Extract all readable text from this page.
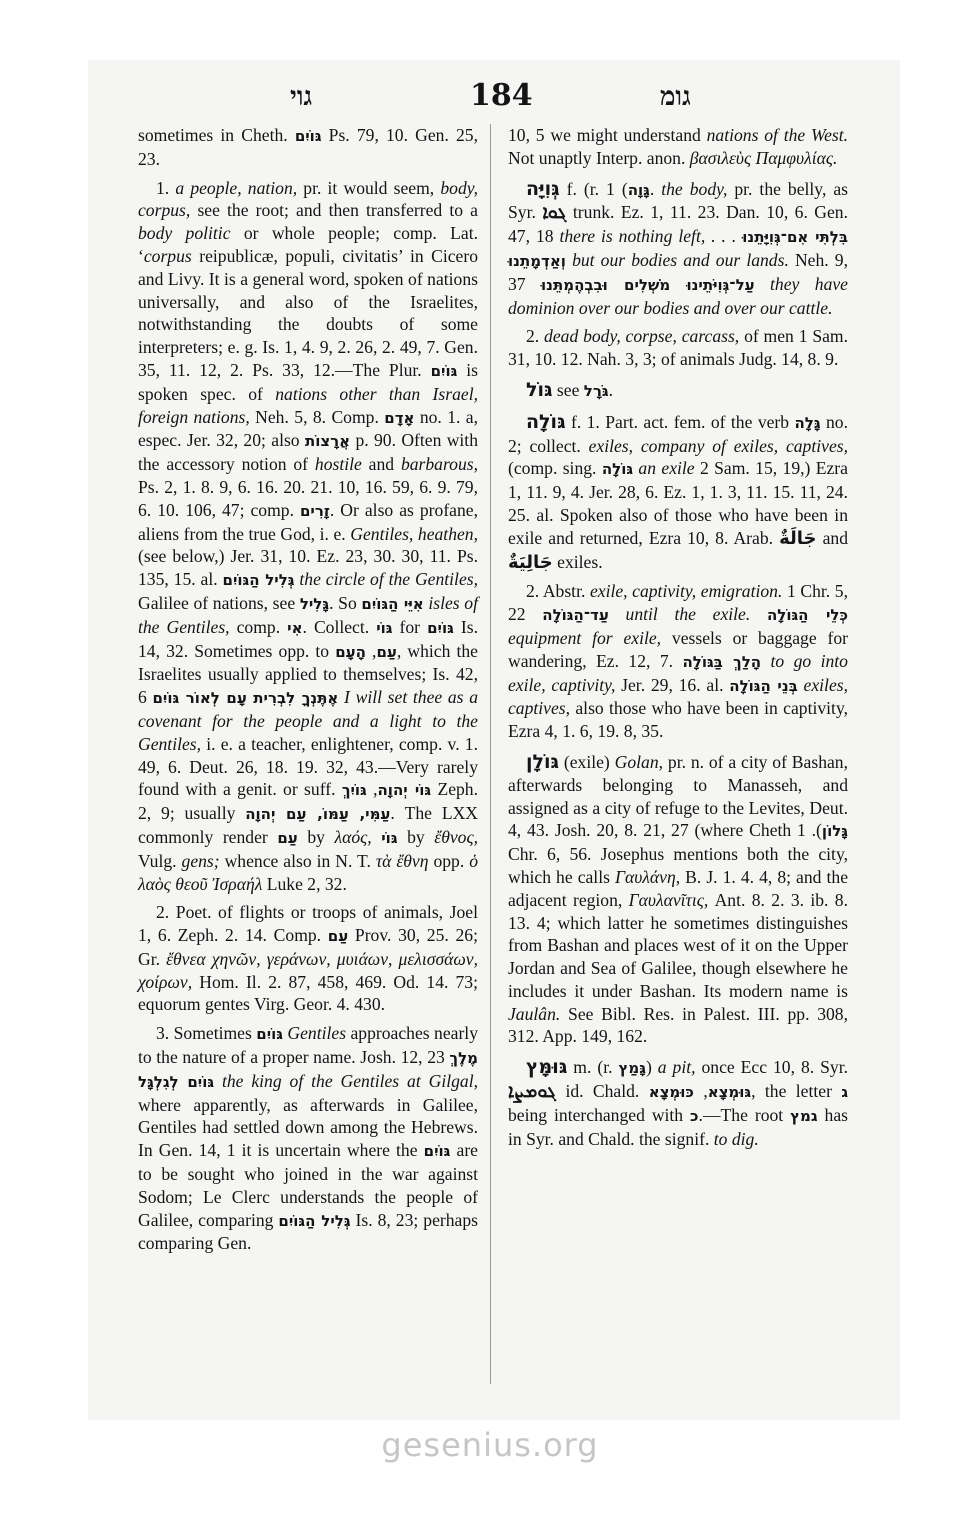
גוי	184	גומ

sometimes in Cheth. גּוֹיִם Ps. 79, 10. Gen. 25, 23.

1. a people, nation, pr. it would seem, body, corpus, see the root; and then transferred to a body politic or whole people; comp. Lat. ‘corpus reipublicæ, populi, civitatis’ in Cicero and Livy. It is a general word, spoken of nations universally, and also of the Israelites, notwithstanding the doubts of some interpreters; e. g. Is. 1, 4. 9, 2. 26, 2. 49, 7. Gen. 35, 11. 12, 2. Ps. 33, 12.—The Plur. גּוֹיִם is spoken spec. of nations other than Israel, foreign nations, Neh. 5, 8. Comp. אָדָם no. 1. a, espec. Jer. 32, 20; also אֲרָצוֹת p. 90. Often with the accessory notion of hostile and barbarous, Ps. 2, 1. 8. 9, 6. 16. 20. 21. 10, 16. 59, 6. 9. 79, 6. 10. 106, 47; comp. זָרִים. Or also as profane, aliens from the true God, i. e. Gentiles, heathen, (see below,) Jer. 31, 10. Ez. 23, 30. 30, 11. Ps. 135, 15. al. גְּלִיל הַגּוֹיִם the circle of the Gentiles, Galilee of nations, see גָּלִיל. So אִיֵּי הַגּוֹיִם isles of the Gentiles, comp. אִי. Collect. גּוֹי for גּוֹיִם Is. 14, 32. Sometimes opp. to	עַם, הָעָם , which the Israelites usually applied to themselves; Is. 42, 6 אֶתֶּנְךָ לִבְרִית עָם לְאוֹר גּוֹיִם I will set thee as a covenant for the people and a light to the Gentiles, i. e. a teacher, enlightener, comp. v. 1. 49, 6. Deut. 26, 18. 19. 32, 43.—Very rarely found with a genit. or suff. גּוֹי יְהוָה, גּוֹיִךְ	Zeph. 2, 9; usually עַמִּי, עַמּוֹ, עַם יְהוָה. The LXX commonly render עַם by λαός, גּוֹי by ἔθνος, Vulg. gens; whence also in N. T. τὰ ἔθνη opp. ὁ λαὸς θεοῦ Ἰσραήλ Luke 2, 32.

2. Poet. of flights or troops of animals, Joel 1, 6. Zeph. 2. 14. Comp. עַם Prov. 30, 25. 26; Gr. ἔθνεα χηνῶν, γεράνων, μυιάων, μελισσάων, χοίρων, Hom. Il. 2. 87, 458, 469. Od. 14. 73; equorum gentes Virg. Geor. 4. 430.

3. Sometimes גּוֹיִם Gentiles approaches nearly to the nature of a proper name. Josh. 12, 23 מֶלֶךְ גּוֹיִם לְגִלְגָּל the king of the Gentiles at Gilgal, where apparently, as afterwards in Galilee, Gentiles had settled down among the Hebrews. In Gen. 14, 1 it is uncertain where the גּוֹיִם are to be sought who joined in the war against Sodom; Le Clerc understands the people of Galilee, comparing גְּלִיל הַגּוֹיִם Is. 8, 23; perhaps comparing Gen.

10, 5 we might understand nations of the West. Not unaptly Interp. anon. βασιλεὺς Παμφυλίας.

גְּוִיָּה f. (r. גָּוָה) 1. the body, pr. the belly, as Syr. ܓܘܐ trunk. Ez. 1, 11. 23. Dan. 10, 6. Gen. 47, 18 there is nothing left, . . . בִּלְתִּי אִם־גְּוִיָּתֵנוּ וְאַדְמָתֵנוּ but our bodies and our lands. Neh. 9, 37 עַל־גְּוִיֹּתֵינוּ מֹשְׁלִים וּבִבְהֶמְתֵּנוּ they have dominion over our bodies and over our cattle.

2. dead body, corpse, carcass, of men 1 Sam. 31, 10. 12. Nah. 3, 3; of animals Judg. 14, 8. 9.

גּוֹל see גֹּרָל.

גּוֹלָה f. 1. Part. act. fem. of the verb גָּלָה no. 2; collect. exiles, company of exiles, captives, (comp. sing. גּוֹלָה an exile 2 Sam. 15, 19,) Ezra 1, 11. 9, 4. Jer. 28, 6. Ez. 1, 1. 3, 11. 15. 11, 24. 25. al. Spoken also of those who have been in exile and returned, Ezra 10, 8. Arab. جَالَةٌ and جَالِيَةٌ exiles.

2. Abstr. exile, captivity, emigration. 1 Chr. 5, 22 עַד־הַגּוֹלָה until the exile. כְּלֵי הַגּוֹלָה equipment for exile, vessels or baggage for wandering, Ez. 12, 7. הָלַךְ בַּגּוֹלָה to go into exile, captivity, Jer. 29, 16. al. בְּנֵי הַגּוֹלָה exiles, captives, also those who have been in captivity, Ezra 4, 1. 6, 19. 8, 35.

גּוֹלָן (exile) Golan, pr. n. of a city of Bashan, afterwards belonging to Manasseh, and assigned as a city of refuge to the Levites, Deut. 4, 43. Josh. 20, 8. 21, 27 (where Cheth גָּלוֹן). 1 Chr. 6, 56. Josephus mentions both the city, which he calls Γαυλάνη, B. J. 1. 4. 4, 8; and the adjacent region, Γαυλανῖτις, Ant. 8. 2. 3. ib. 8. 13. 4; which latter he sometimes distinguishes from Bashan and places west of it on the Upper Jordan and Sea of Galilee, though elsewhere he includes it under Bashan. Its modern name is Jaulân. See Bibl. Res. in Palest. III. pp. 308, 312. App. 149, 162.

גּוּמָּץ m. (r. גָּמַץ) a pit, once Ecc 10, 8. Syr. ܓܘܡܨܐ id. Chald.	גּוּמְצָא, כּוּמְצָא	, the letter ג being interchanged with כ.—The root גמץ has in Syr. and Chald. the signif. to dig.

gesenius.org
